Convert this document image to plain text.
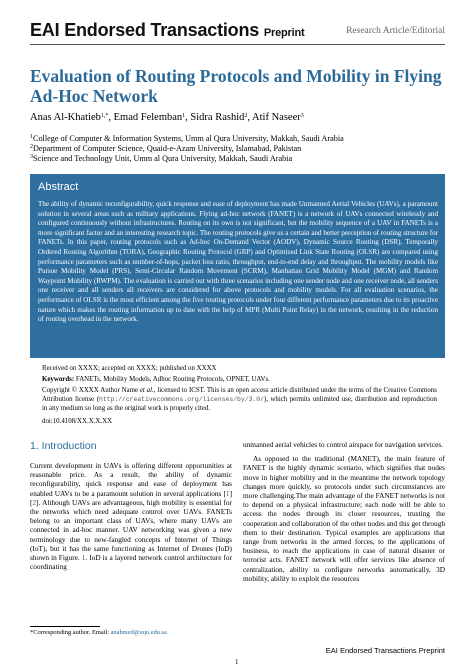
EAI Endorsed Transactions Preprint	Research Article/Editorial
Evaluation of Routing Protocols and Mobility in Flying Ad-Hoc Network
Anas Al-Khatieb$^{1,*}$, Emad Felemban$^1$, Sidra Rashid$^2$, Atif Naseer$^3$
$^1$College of Computer & Information Systems, Umm al Qura University, Makkah, Saudi Arabia
$^2$Department of Computer Science, Quaid-e-Azam University, Islamabad, Pakistan
$^3$Science and Technology Unit, Umm al Qura University, Makkah, Saudi Arabia
Abstract
The ability of dynamic reconfigurability, quick response and ease of deployment has made Unmanned Aerial Vehicles (UAVs), a paramount solution in several areas such as military applications. Flying ad-hoc network (FANET) is a network of UAVs connected wirelessly and configured continuously without infrastructures. Routing on its own is not significant, but the mobility sequence of a UAV in FANETs is a more significant factor and an interesting research topic. The routing protocols give us a certain and better perception of routing structure for FANETs. In this paper, routing protocols such as Ad-hoc On-Demand Vector (AODV), Dynamic Source Routing (DSR), Temporally Ordered Routing Algorithm (TORA), Geographic Routing Protocol (GRP) and Optimized Link State Routing (OLSR) are compared using performance parameters such as number-of-hops, packet loss ratio, throughput, end-to-end delay and throughput. The mobility models like Pursue Mobility Model (PRS), Semi-Circular Random Movement (SCRM), Manhattan Grid Mobility Model (MGM) and Random Waypoint Mobility (RWPM). The evaluation is carried out with three scenarios including one sender node and one receiver node, all senders one receiver and all senders all receivers are considered for above protocols and mobility models. For all evaluation scenarios, the performance of OLSR is the most efficient among the five routing protocols under four different performance parameters due to its proactive nature which makes the routing information up to date with the help of MPR (Multi Point Relay) in the network, resulting in the reduction of routing overhead in the network.
Received on XXXX; accepted on XXXX; published on XXXX
Keywords: FANETs, Mobility Models, Adhoc Routing Protocols, OPNET, UAVs.
Copyright © XXXX Author Name et al., licensed to ICST. This is an open access article distributed under the terms of the Creative Commons Attribution license (http://creativecommons.org/licenses/by/3.0/), which permits unlimited use, distribution and reproduction in any medium so long as the original work is properly cited.
doi:10.4108/XX.X.X.XX
1. Introduction
Current development in UAVs is offering different opportunities at reasonable price. As a result, the ability of dynamic reconfigurability, quick response and ease of deployment has enabled UAVs to be a paramount solution in several applications [1][2]. Although UAVs are advantageous, high mobility is essential for the networks which need adequate control over UAVs. FANETs belong to an important class of UAVs, where many UAVs are connected in ad-hoc manner. UAV networking was given a new terminology due to new-fangled concepts of Internet of Things (IoT), but it has the same functioning as Internet of Drones (IoD) shown in Figure. 1. IoD is a layered network control architecture for coordinating
unmanned aerial vehicles to control airspace for navigation services.
As opposed to the traditional (MANET), the main feature of FANET is the highly dynamic scenario, which signifies that nodes move in higher mobility and in the meantime the network topology changes more quickly, so protocols under such circumstances are more challenging.The main advantage of the FANET networks is not to depend on a physical infrastructure; each node will be able to access the nodes through its closer resources, trusting the cooperation and collaboration of the other nodes and this get through them to their destination. Typical examples are applications that range from networks in the armed forces, to the applications of business, to reach the applications in case of natural disaster or terrorist acts. FANET network will offer services like absence of centralization, ability to configure networks automatically, 3D mobility, ability to exploit the resources
*Corresponding author. Email: anahmed@uqu.edu.sa
EAI Endorsed Transactions Preprint
1
